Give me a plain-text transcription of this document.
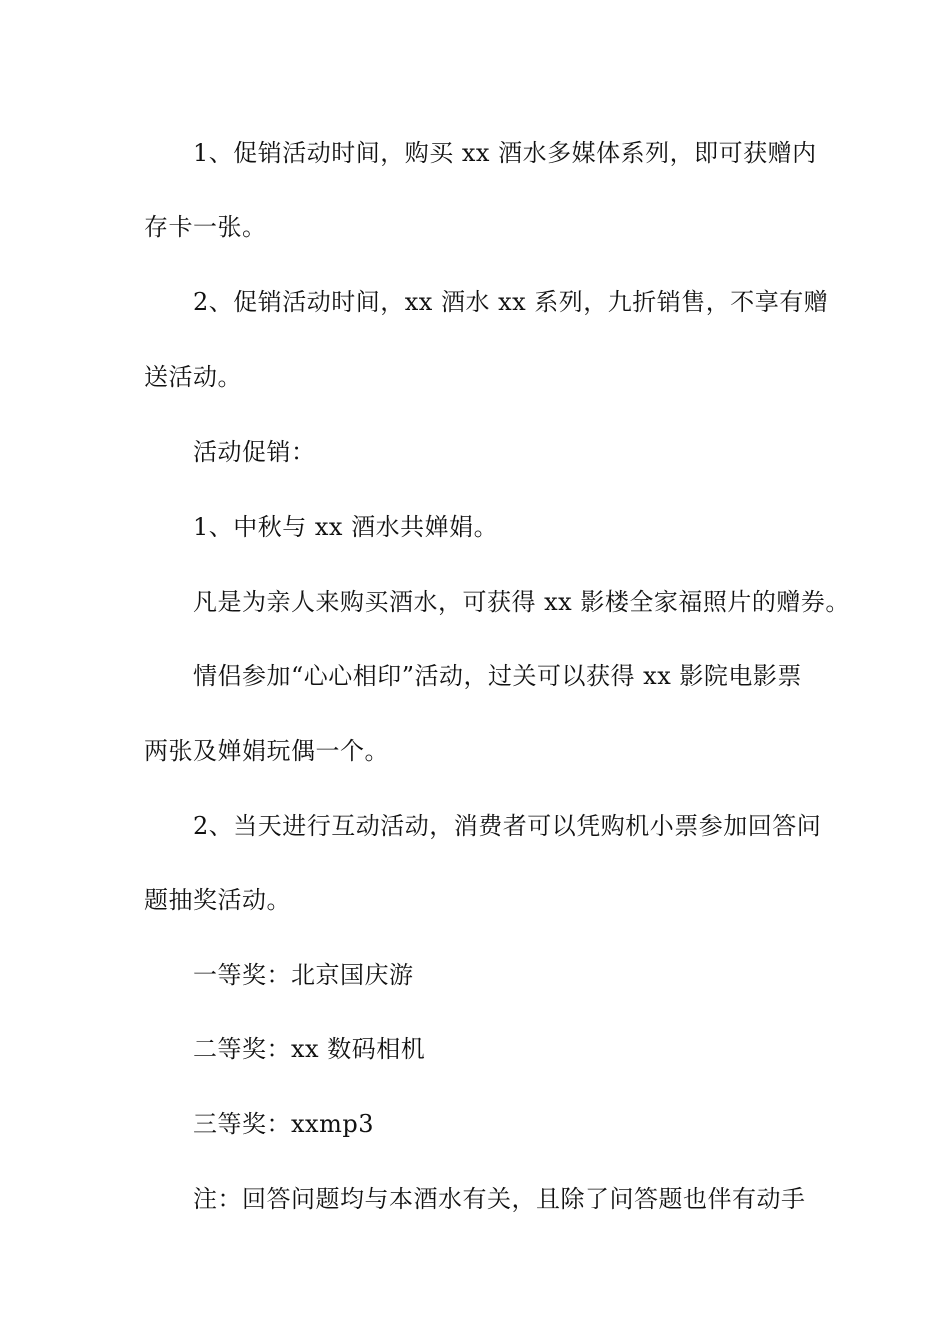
1、促销活动时间，购买 xx 酒水多媒体系列，即可获赠内
存卡一张。
2、促销活动时间，xx 酒水 xx 系列，九折销售，不享有赠
送活动。
活动促销：
1、中秋与 xx 酒水共婵娟。
凡是为亲人来购买酒水，可获得 xx 影楼全家福照片的赠券。
情侣参加“心心相印”活动，过关可以获得 xx 影院电影票
两张及婵娟玩偶一个。
2、当天进行互动活动，消费者可以凭购机小票参加回答问
题抽奖活动。
一等奖：北京国庆游
二等奖：xx 数码相机
三等奖：xxmp3
注：回答问题均与本酒水有关，且除了问答题也伴有动手
